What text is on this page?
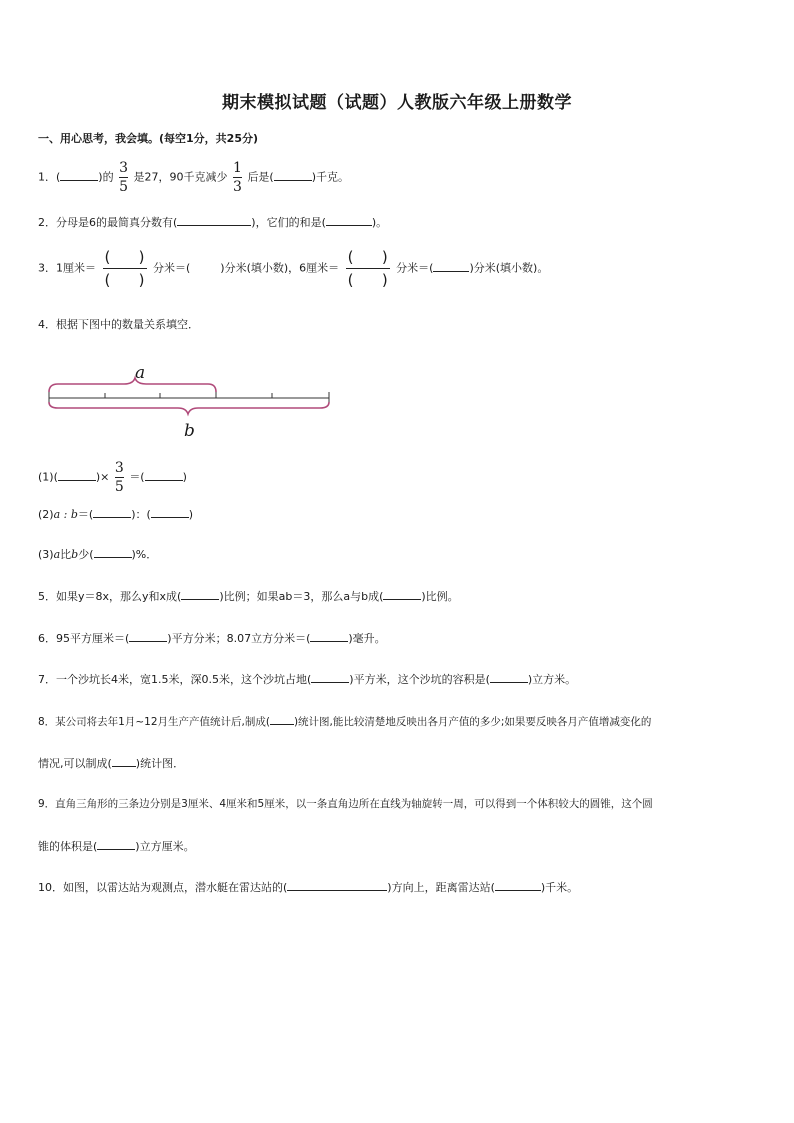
期末模拟试题（试题）人教版六年级上册数学
一、用心思考，我会填。(每空1分，共25分)
1．(	)的 $\frac{3}{5}$ 是27，90千克减少 $\frac{1}{3}$ 后是(	)千克。
2．分母是6的最简真分数有(	)，它们的和是(	)。
3．1厘米＝
( )
( )
分米＝(	)分米(填小数)，6厘米＝
( )
( )
分米＝(	)分米(填小数)。
4．根据下图中的数量关系填空．
a
b
(1)(	)× $\frac{3}{5}$ ＝(	)
(2)a : b＝(	)：(	)
(3)a比b少(	)%．
5．如果y＝8x，那么y和x成(	)比例；如果ab＝3，那么a与b成(	)比例。
6．95平方厘米＝(	)平方分米；8.07立方分米＝(	)毫升。
7．一个沙坑长4米，宽1.5米，深0.5米，这个沙坑占地(	)平方米，这个沙坑的容积是(	)立方米。
8．某公司将去年1月~12月生产产值统计后,制成( )统计图,能比较清楚地反映出各月产值的多少;如果要反映各月产值增减变化的
情况,可以制成( )统计图．
9．直角三角形的三条边分别是3厘米、4厘米和5厘米，以一条直角边所在直线为轴旋转一周，可以得到一个体积较大的圆锥，这个圆
锥的体积是(	)立方厘米。
10．如图，以雷达站为观测点，潜水艇在雷达站的(	)方向上，距离雷达站(	)千米。
